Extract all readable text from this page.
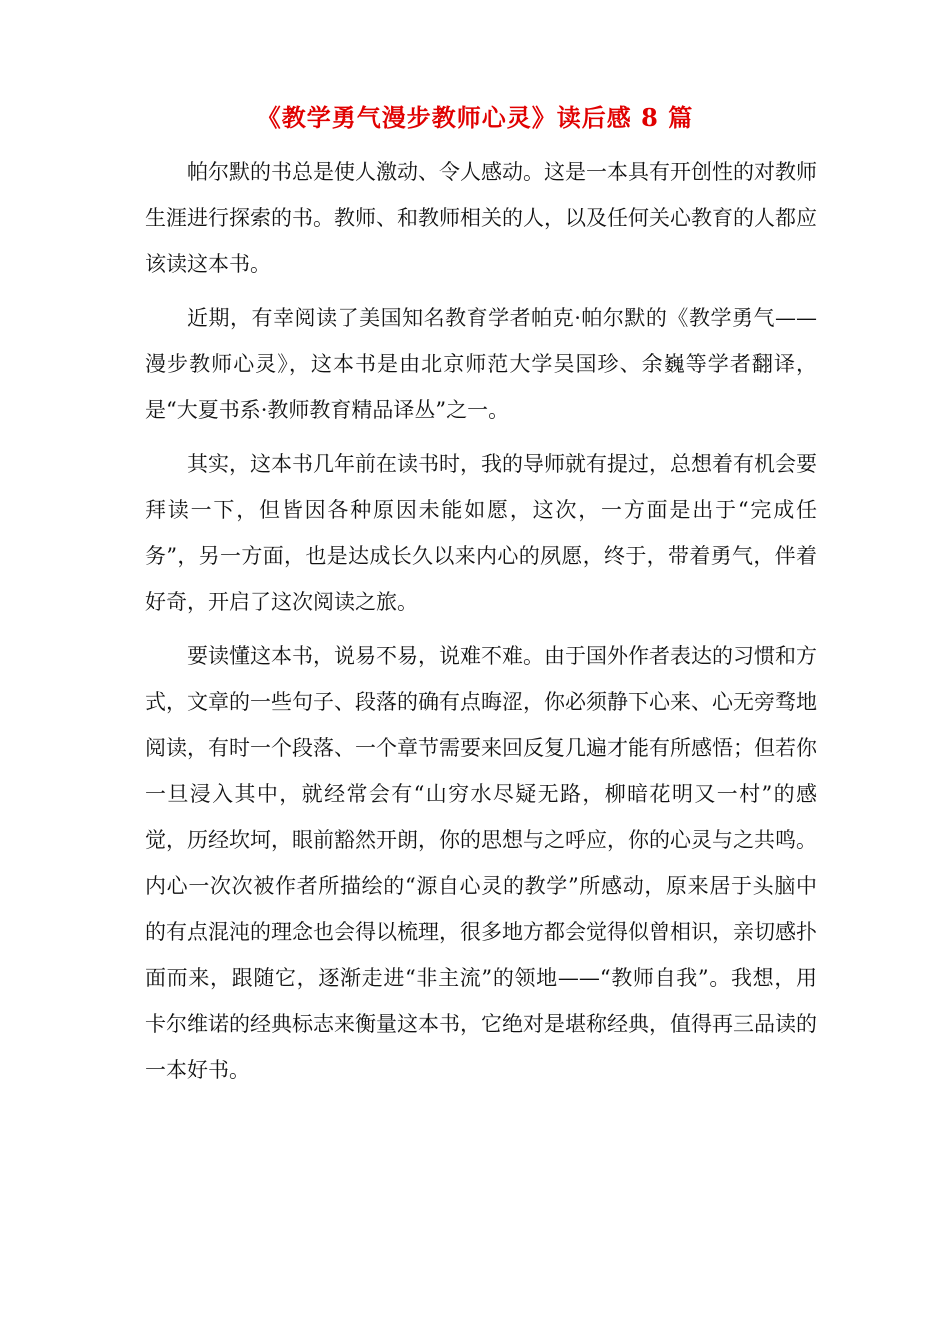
《教学勇气漫步教师心灵》读后感 8 篇

帕尔默的书总是使人激动、令人感动。这是一本具有开创性的对教师生涯进行探索的书。教师、和教师相关的人，以及任何关心教育的人都应该读这本书。

近期，有幸阅读了美国知名教育学者帕克·帕尔默的《教学勇气——漫步教师心灵》，这本书是由北京师范大学吴国珍、余巍等学者翻译，是“大夏书系·教师教育精品译丛”之一。

其实，这本书几年前在读书时，我的导师就有提过，总想着有机会要拜读一下，但皆因各种原因未能如愿，这次，一方面是出于“完成任务”，另一方面，也是达成长久以来内心的夙愿，终于，带着勇气，伴着好奇，开启了这次阅读之旅。

要读懂这本书，说易不易，说难不难。由于国外作者表达的习惯和方式，文章的一些句子、段落的确有点晦涩，你必须静下心来、心无旁骛地阅读，有时一个段落、一个章节需要来回反复几遍才能有所感悟；但若你一旦浸入其中，就经常会有“山穷水尽疑无路，柳暗花明又一村”的感觉，历经坎坷，眼前豁然开朗，你的思想与之呼应，你的心灵与之共鸣。内心一次次被作者所描绘的“源自心灵的教学”所感动，原来居于头脑中的有点混沌的理念也会得以梳理，很多地方都会觉得似曾相识，亲切感扑面而来，跟随它，逐渐走进“非主流”的领地——“教师自我”。我想，用卡尔维诺的经典标志来衡量这本书，它绝对是堪称经典，值得再三品读的一本好书。
